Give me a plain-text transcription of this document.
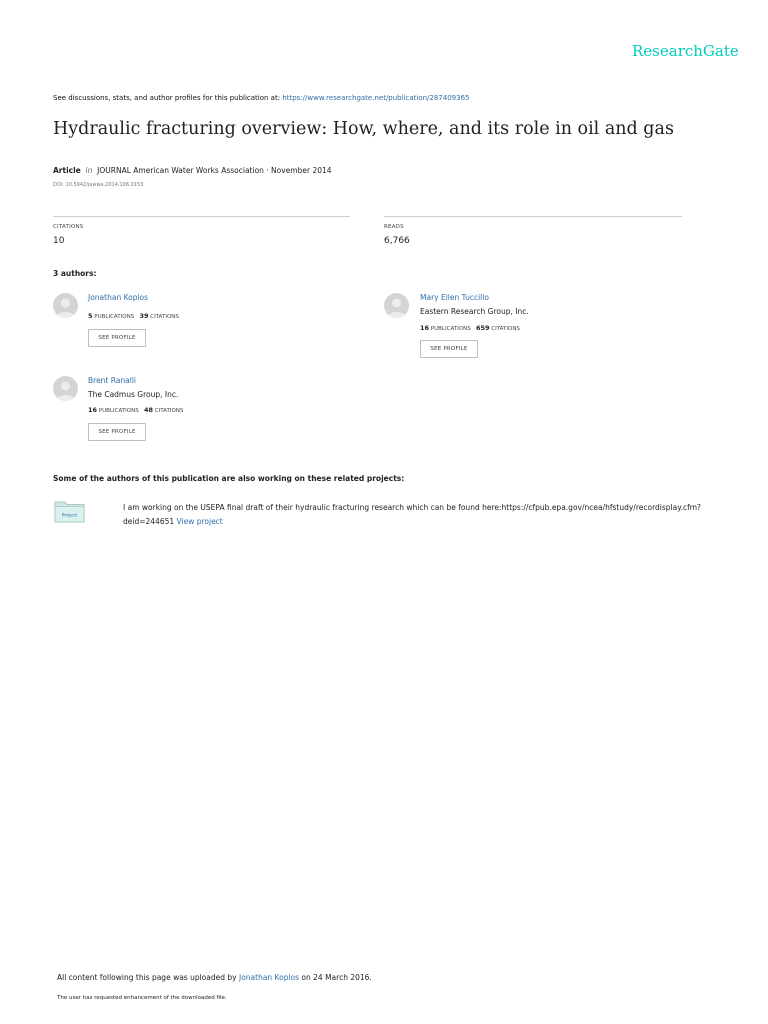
ResearchGate
See discussions, stats, and author profiles for this publication at: https://www.researchgate.net/publication/287409365
Hydraulic fracturing overview: How, where, and its role in oil and gas
Article in JOURNAL American Water Works Association · November 2014
DOI: 10.5942/jawwa.2014.106.0153
CITATIONS
10
READS
6,766
3 authors:
Jonathan Koplos
5 PUBLICATIONS 39 CITATIONS
SEE PROFILE
Mary Ellen Tuccillo
Eastern Research Group, Inc.
16 PUBLICATIONS 659 CITATIONS
SEE PROFILE
Brent Ranalli
The Cadmus Group, Inc.
16 PUBLICATIONS 48 CITATIONS
SEE PROFILE
Some of the authors of this publication are also working on these related projects:
Project
I am working on the USEPA final draft of their hydraulic fracturing research which can be found here:https://cfpub.epa.gov/ncea/hfstudy/recordisplay.cfm?deid=244651 View project
All content following this page was uploaded by Jonathan Koplos on 24 March 2016.
The user has requested enhancement of the downloaded file.
